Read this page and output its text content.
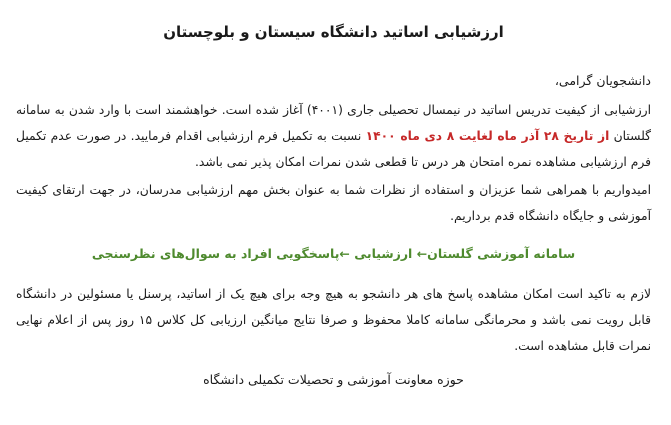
ارزشیابی اساتید دانشگاه سیستان و بلوچستان

دانشجویان گرامی،

ارزشیابی از کیفیت تدریس اساتید در نیمسال تحصیلی جاری (۴۰۰۱) آغاز شده است. خواهشمند است با وارد شدن به سامانه گلستان از تاریخ ۲۸ آذر ماه لغایت ۸ دی ماه ۱۴۰۰ نسبت به تکمیل فرم ارزشیابی اقدام فرمایید. در صورت عدم تکمیل فرم ارزشیابی مشاهده نمره امتحان هر درس تا قطعی شدن نمرات امکان پذیر نمی باشد.

امیدواریم با همراهی شما عزیزان و استفاده از نظرات شما به عنوان بخش مهم ارزشیابی مدرسان، در جهت ارتقای کیفیت آموزشی و جایگاه دانشگاه قدم برداریم.

سامانه آموزشی گلستان← ارزشیابی ←پاسخگویی افراد به سوال‌های نظرسنجی

لازم به تاکید است امکان مشاهده پاسخ های هر دانشجو به هیچ وجه برای هیچ یک از اساتید، پرسنل یا مسئولین در دانشگاه قابل رویت نمی باشد و محرمانگی سامانه کاملا محفوظ و صرفا نتایج میانگین ارزیابی کل کلاس ۱۵ روز پس از اعلام نهایی نمرات قابل مشاهده است.

حوزه معاونت آموزشی و تحصیلات تکمیلی دانشگاه
